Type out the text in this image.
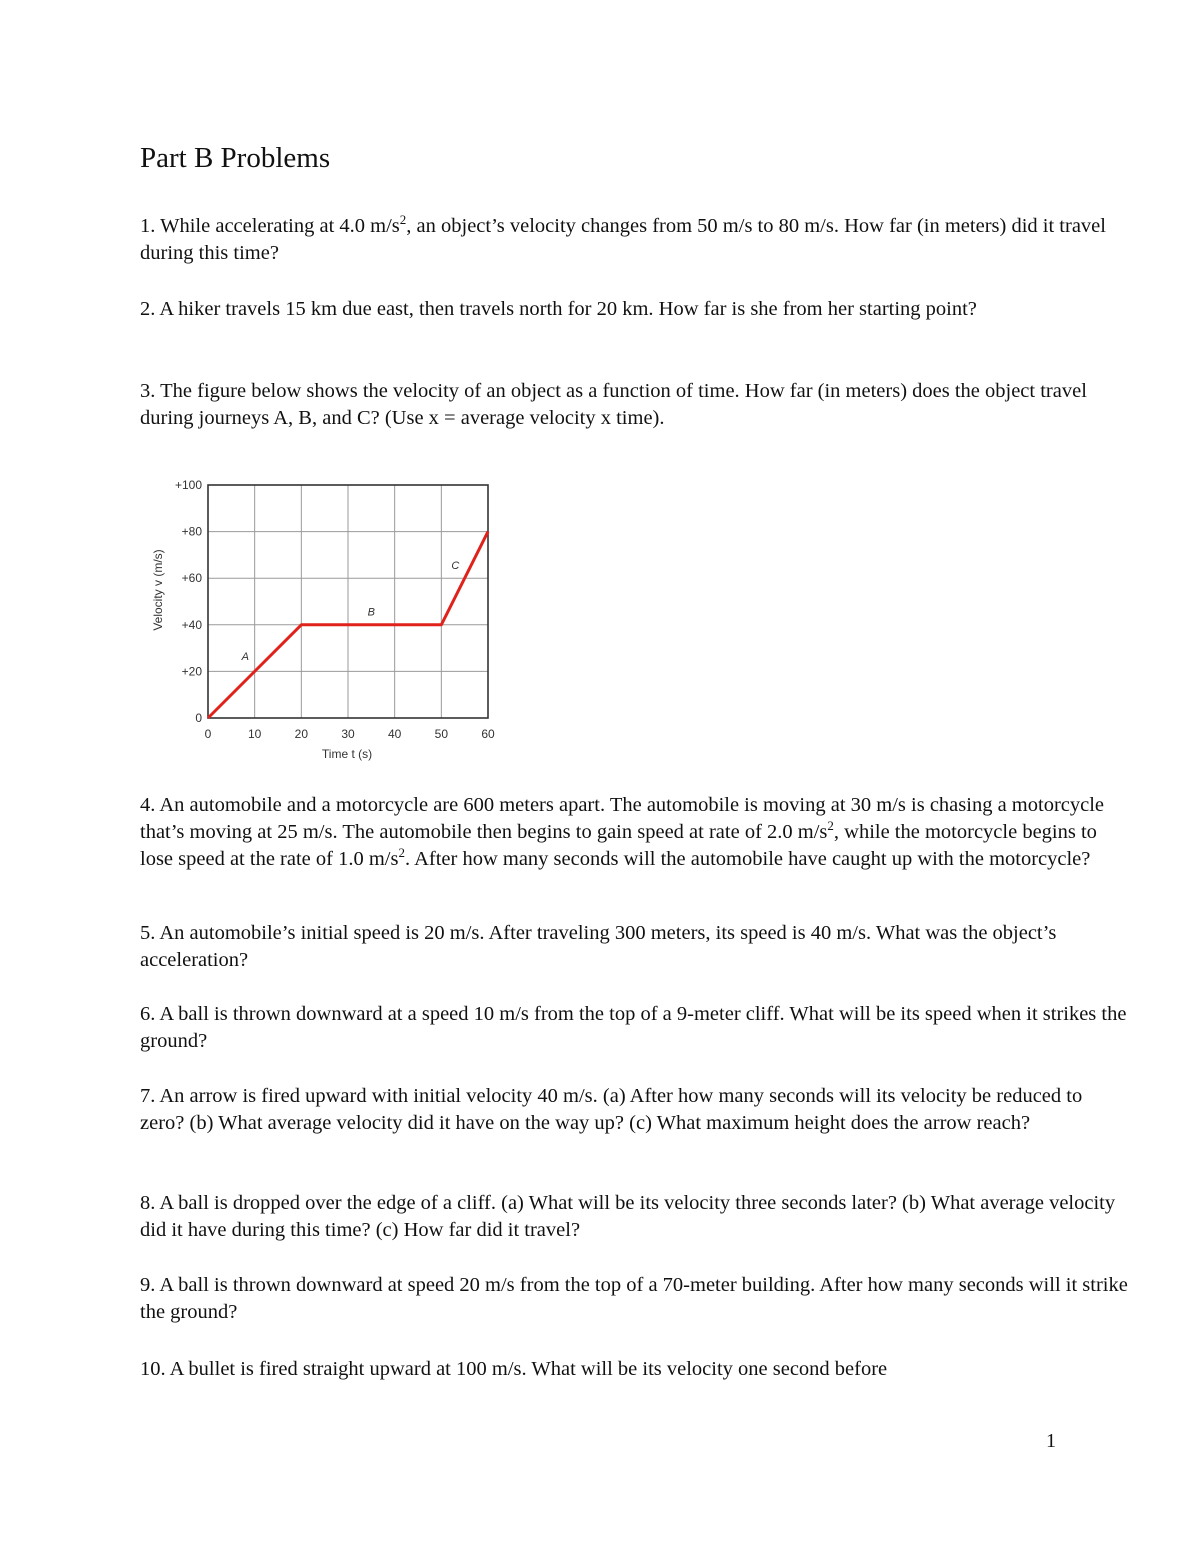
Part B Problems

1. While accelerating at 4.0 $m/s^2$, an object’s velocity changes from 50 m/s to 80 m/s. How far (in meters) did it travel during this time?

2. A hiker travels 15 km due east, then travels north for 20 km. How far is she from her starting point?

3. The figure below shows the velocity of an object as a function of time. How far (in meters) does the object travel during journeys A, B, and C? (Use x = average velocity x time).

Velocity v (m/s)
Time t (s)
0	10	20	30	40	50	60
0
+20
+40
+60
+80
+100
A
B
C

4. An automobile and a motorcycle are 600 meters apart. The automobile is moving at 30 m/s is chasing a motorcycle that’s moving at 25 m/s. The automobile then begins to gain speed at rate of 2.0 $m/s^2$, while the motorcycle begins to lose speed at the rate of 1.0 $m/s^2$. After how many seconds will the automobile have caught up with the motorcycle?

5. An automobile’s initial speed is 20 m/s. After traveling 300 meters, its speed is 40 m/s. What was the object’s acceleration?

6. A ball is thrown downward at a speed 10 m/s from the top of a 9-meter cliff. What will be its speed when it strikes the ground?

7. An arrow is fired upward with initial velocity 40 m/s. (a) After how many seconds will its velocity be reduced to zero? (b) What average velocity did it have on the way up? (c) What maximum height does the arrow reach?

8. A ball is dropped over the edge of a cliff. (a) What will be its velocity three seconds later? (b) What average velocity did it have during this time? (c) How far did it travel?

9. A ball is thrown downward at speed 20 m/s from the top of a 70-meter building. After how many seconds will it strike the ground?

10. A bullet is fired straight upward at 100 m/s. What will be its velocity one second before

1
